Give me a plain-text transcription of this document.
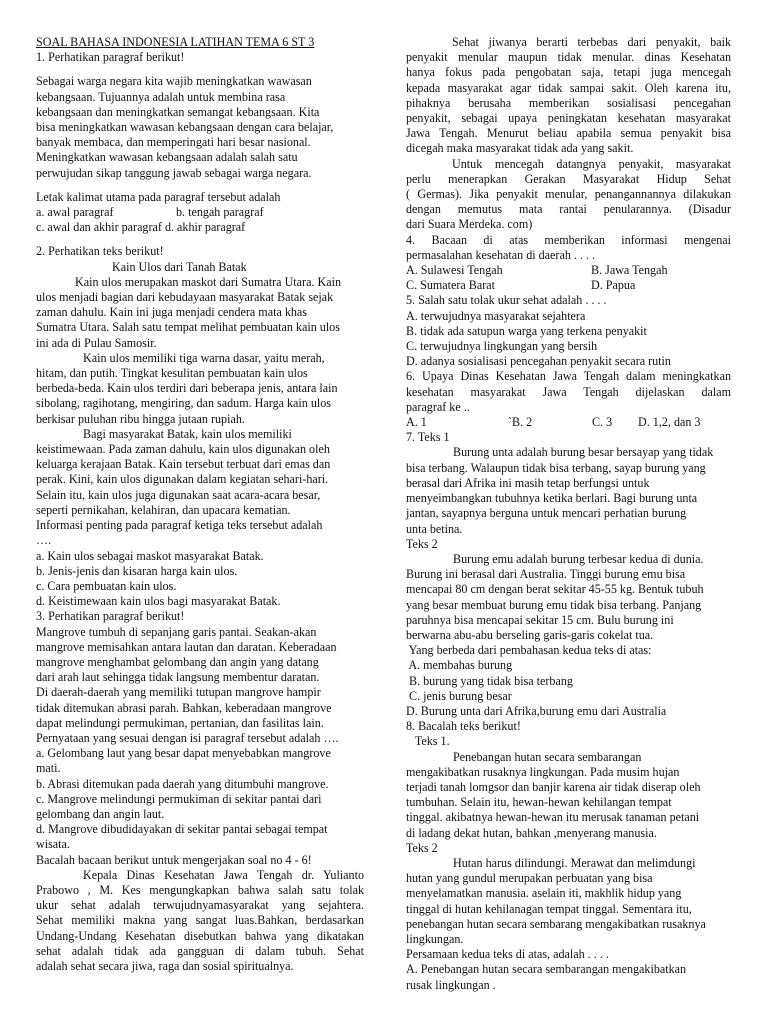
SOAL BAHASA INDONESIA LATIHAN TEMA 6 ST 3

1. Perhatikan paragraf berikut!

Sebagai warga negara kita wajib meningkatkan wawasan

kebangsaan. Tujuannya adalah untuk membina rasa

kebangsaan dan meningkatkan semangat kebangsaan. Kita

bisa meningkatkan wawasan kebangsaan dengan cara belajar,

banyak membaca, dan memperingati hari besar nasional.

Meningkatkan wawasan kebangsaan adalah salah satu

perwujudan sikap tanggung jawab sebagai warga negara.

Letak kalimat utama pada paragraf tersebut adalah

a. awal paragraf	b. tengah paragraf
c. awal dan akhir paragraf
d. akhir paragraf

2. Perhatikan teks berikut!

Kain Ulos dari Tanah Batak

Kain ulos merupakan maskot dari Sumatra Utara. Kain

ulos menjadi bagian dari kebudayaan masyarakat Batak sejak

zaman dahulu. Kain ini juga menjadi cendera mata khas

Sumatra Utara. Salah satu tempat melihat pembuatan kain ulos

ini ada di Pulau Samosir.

Kain ulos memiliki tiga warna dasar, yaitu merah,

hitam, dan putih. Tingkat kesulitan pembuatan kain ulos

berbeda-beda. Kain ulos terdiri dari beberapa jenis, antara lain

sibolang, ragihotang, mengiring, dan sadum. Harga kain ulos

berkisar puluhan ribu hingga jutaan rupiah.

Bagi masyarakat Batak, kain ulos memiliki

keistimewaan. Pada zaman dahulu, kain ulos digunakan oleh

keluarga kerajaan Batak. Kain tersebut terbuat dari emas dan

perak. Kini, kain ulos digunakan dalam kegiatan sehari-hari.

Selain itu, kain ulos juga digunakan saat acara-acara besar,

seperti pernikahan, kelahiran, dan upacara kematian.

Informasi penting pada paragraf ketiga teks tersebut adalah

….

a. Kain ulos sebagai maskot masyarakat Batak.

b. Jenis-jenis dan kisaran harga kain ulos.

c. Cara pembuatan kain ulos.

d. Keistimewaan kain ulos bagi masyarakat Batak.

3. Perhatikan paragraf berikut!

Mangrove tumbuh di sepanjang garis pantai. Seakan-akan

mangrove memisahkan antara lautan dan daratan. Keberadaan

mangrove menghambat gelombang dan angin yang datang

dari arah laut sehingga tidak langsung membentur daratan.

Di daerah-daerah yang memiliki tutupan mangrove hampir

tidak ditemukan abrasi parah. Bahkan, keberadaan mangrove

dapat melindungi permukiman, pertanian, dan fasilitas lain.

Pernyataan yang sesuai dengan isi paragraf tersebut adalah ….

a. Gelombang laut yang besar dapat menyebabkan mangrove

mati.

b. Abrasi ditemukan pada daerah yang ditumbuhi mangrove.

c. Mangrove melindungi permukiman di sekitar pantai dari

gelombang dan angin laut.

d. Mangrove dibudidayakan di sekitar pantai sebagai tempat

wisata.

Bacalah bacaan berikut untuk mengerjakan soal no 4 - 6!

Kepala Dinas Kesehatan Jawa Tengah dr. Yulianto

Prabowo , M. Kes mengungkapkan bahwa salah satu tolak

ukur sehat adalah terwujudnyamasyarakat yang sejahtera.

Sehat memiliki makna yang sangat luas.Bahkan, berdasarkan

Undang-Undang Kesehatan disebutkan bahwa yang dikatakan

sehat adalah tidak ada gangguan di dalam tubuh. Sehat

adalah sehat secara jiwa, raga dan sosial spiritualnya.

Sehat jiwanya berarti terbebas dari penyakit, baik

penyakit menular maupun tidak menular. dinas Kesehatan

hanya fokus pada pengobatan saja, tetapi juga mencegah

kepada masyarakat agar tidak sampai sakit. Oleh karena itu,

pihaknya berusaha memberikan sosialisasi pencegahan

penyakit, sebagai upaya peningkatan kesehatan masyarakat

Jawa Tengah. Menurut beliau apabila semua penyakit bisa

dicegah maka masyarakat tidak ada yang sakit.

Untuk mencegah datangnya penyakit, masyarakat

perlu menerapkan Gerakan Masyarakat Hidup Sehat

( Germas). Jika penyakit menular, penangannannya dilakukan

dengan memutus mata rantai penularannya. (Disadur

dari Suara Merdeka. com)

4. Bacaan di atas memberikan informasi mengenai

permasalahan kesehatan di daerah . . . .

A. Sulawesi Tengah	B. Jawa Tengah
C. Sumatera Barat	D. Papua

5. Salah satu tolak ukur sehat adalah . . . .

A. terwujudnya masyarakat sejahtera

B. tidak ada satupun warga yang terkena penyakit

C. terwujudnya lingkungan yang bersih

D. adanya sosialisasi pencegahan penyakit secara rutin

6. Upaya Dinas Kesehatan Jawa Tengah dalam meningkatkan

kesehatan masyarakat Jawa Tengah dijelaskan dalam

paragraf ke ..

A. 1	`B. 2	C. 3	D. 1,2, dan 3

7. Teks 1

Burung unta adalah burung besar bersayap yang tidak

bisa terbang. Walaupun tidak bisa terbang, sayap burung yang

berasal dari Afrika ini masih tetap berfungsi untuk

menyeimbangkan tubuhnya ketika berlari. Bagi burung unta

jantan, sayapnya berguna untuk mencari perhatian burung

unta betina.

Teks 2

Burung emu adalah burung terbesar kedua di dunia.

Burung ini berasal dari Australia. Tinggi burung emu bisa

mencapai 80 cm dengan berat sekitar 45-55 kg. Bentuk tubuh

yang besar membuat burung emu tidak bisa terbang. Panjang

paruhnya bisa mencapai sekitar 15 cm. Bulu burung ini

berwarna abu-abu berseling garis-garis cokelat tua.

Yang berbeda dari pembahasan kedua teks di atas:

A. membahas burung

B. burung yang tidak bisa terbang

C. jenis burung besar

D. Burung unta dari Afrika,burung emu dari Australia

8. Bacalah teks berikut!

Teks 1.

Penebangan hutan secara sembarangan

mengakibatkan rusaknya lingkungan. Pada musim hujan

terjadi tanah lomgsor dan banjir karena air tidak diserap oleh

tumbuhan. Selain itu, hewan-hewan kehilangan tempat

tinggal. akibatnya hewan-hewan itu merusak tanaman petani

di ladang dekat hutan, bahkan ,menyerang manusia.

Teks 2

Hutan harus dilindungi. Merawat dan melimdungi

hutan yang gundul merupakan perbuatan yang bisa

menyelamatkan manusia. aselain iti, makhlik hidup yang

tinggal di hutan kehilanagan tempat tinggal. Sementara itu,

penebangan hutan secara sembarang mengakibatkan rusaknya

lingkungan.

Persamaan kedua teks di atas, adalah . . . .

A. Penebangan hutan secara sembarangan mengakibatkan

rusak lingkungan .
